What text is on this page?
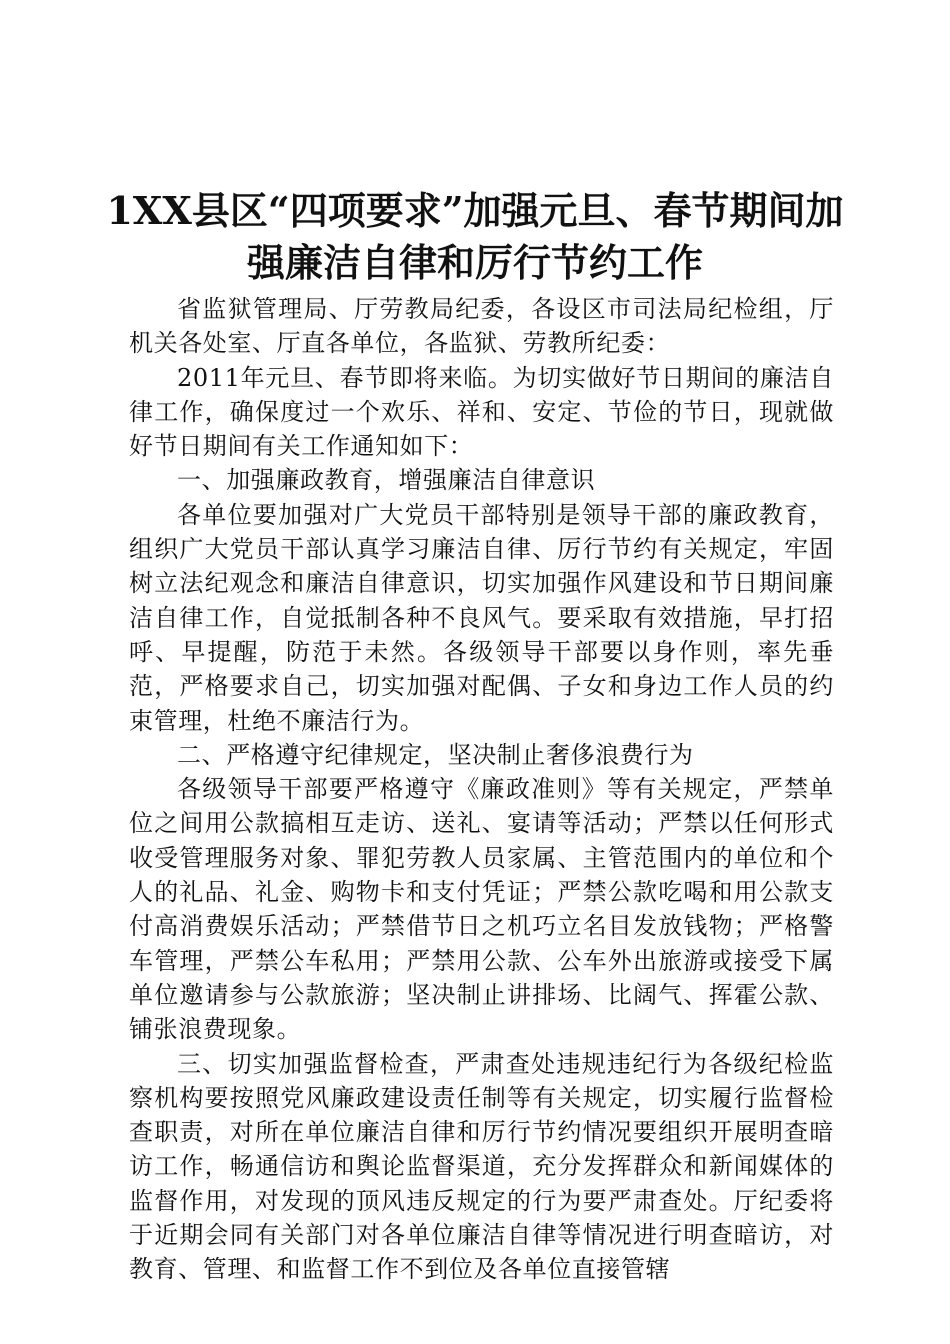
1XX县区“四项要求”加强元旦、春节期间加
强廉洁自律和厉行节约工作

省监狱管理局、厅劳教局纪委，各设区市司法局纪检组，厅机关各处室、厅直各单位，各监狱、劳教所纪委：

2011年元旦、春节即将来临。为切实做好节日期间的廉洁自律工作，确保度过一个欢乐、祥和、安定、节俭的节日，现就做好节日期间有关工作通知如下：

一、加强廉政教育，增强廉洁自律意识

各单位要加强对广大党员干部特别是领导干部的廉政教育，组织广大党员干部认真学习廉洁自律、厉行节约有关规定，牢固树立法纪观念和廉洁自律意识，切实加强作风建设和节日期间廉洁自律工作，自觉抵制各种不良风气。要采取有效措施，早打招呼、早提醒，防范于未然。各级领导干部要以身作则，率先垂范，严格要求自己，切实加强对配偶、子女和身边工作人员的约束管理，杜绝不廉洁行为。

二、严格遵守纪律规定，坚决制止奢侈浪费行为

各级领导干部要严格遵守《廉政准则》等有关规定，严禁单位之间用公款搞相互走访、送礼、宴请等活动；严禁以任何形式收受管理服务对象、罪犯劳教人员家属、主管范围内的单位和个人的礼品、礼金、购物卡和支付凭证；严禁公款吃喝和用公款支付高消费娱乐活动；严禁借节日之机巧立名目发放钱物；严格警车管理，严禁公车私用；严禁用公款、公车外出旅游或接受下属单位邀请参与公款旅游；坚决制止讲排场、比阔气、挥霍公款、铺张浪费现象。

三、切实加强监督检查，严肃查处违规违纪行为各级纪检监察机构要按照党风廉政建设责任制等有关规定，切实履行监督检查职责，对所在单位廉洁自律和厉行节约情况要组织开展明查暗访工作，畅通信访和舆论监督渠道，充分发挥群众和新闻媒体的监督作用，对发现的顶风违反规定的行为要严肃查处。厅纪委将于近期会同有关部门对各单位廉洁自律等情况进行明查暗访，对教育、管理、和监督工作不到位及各单位直接管辖
